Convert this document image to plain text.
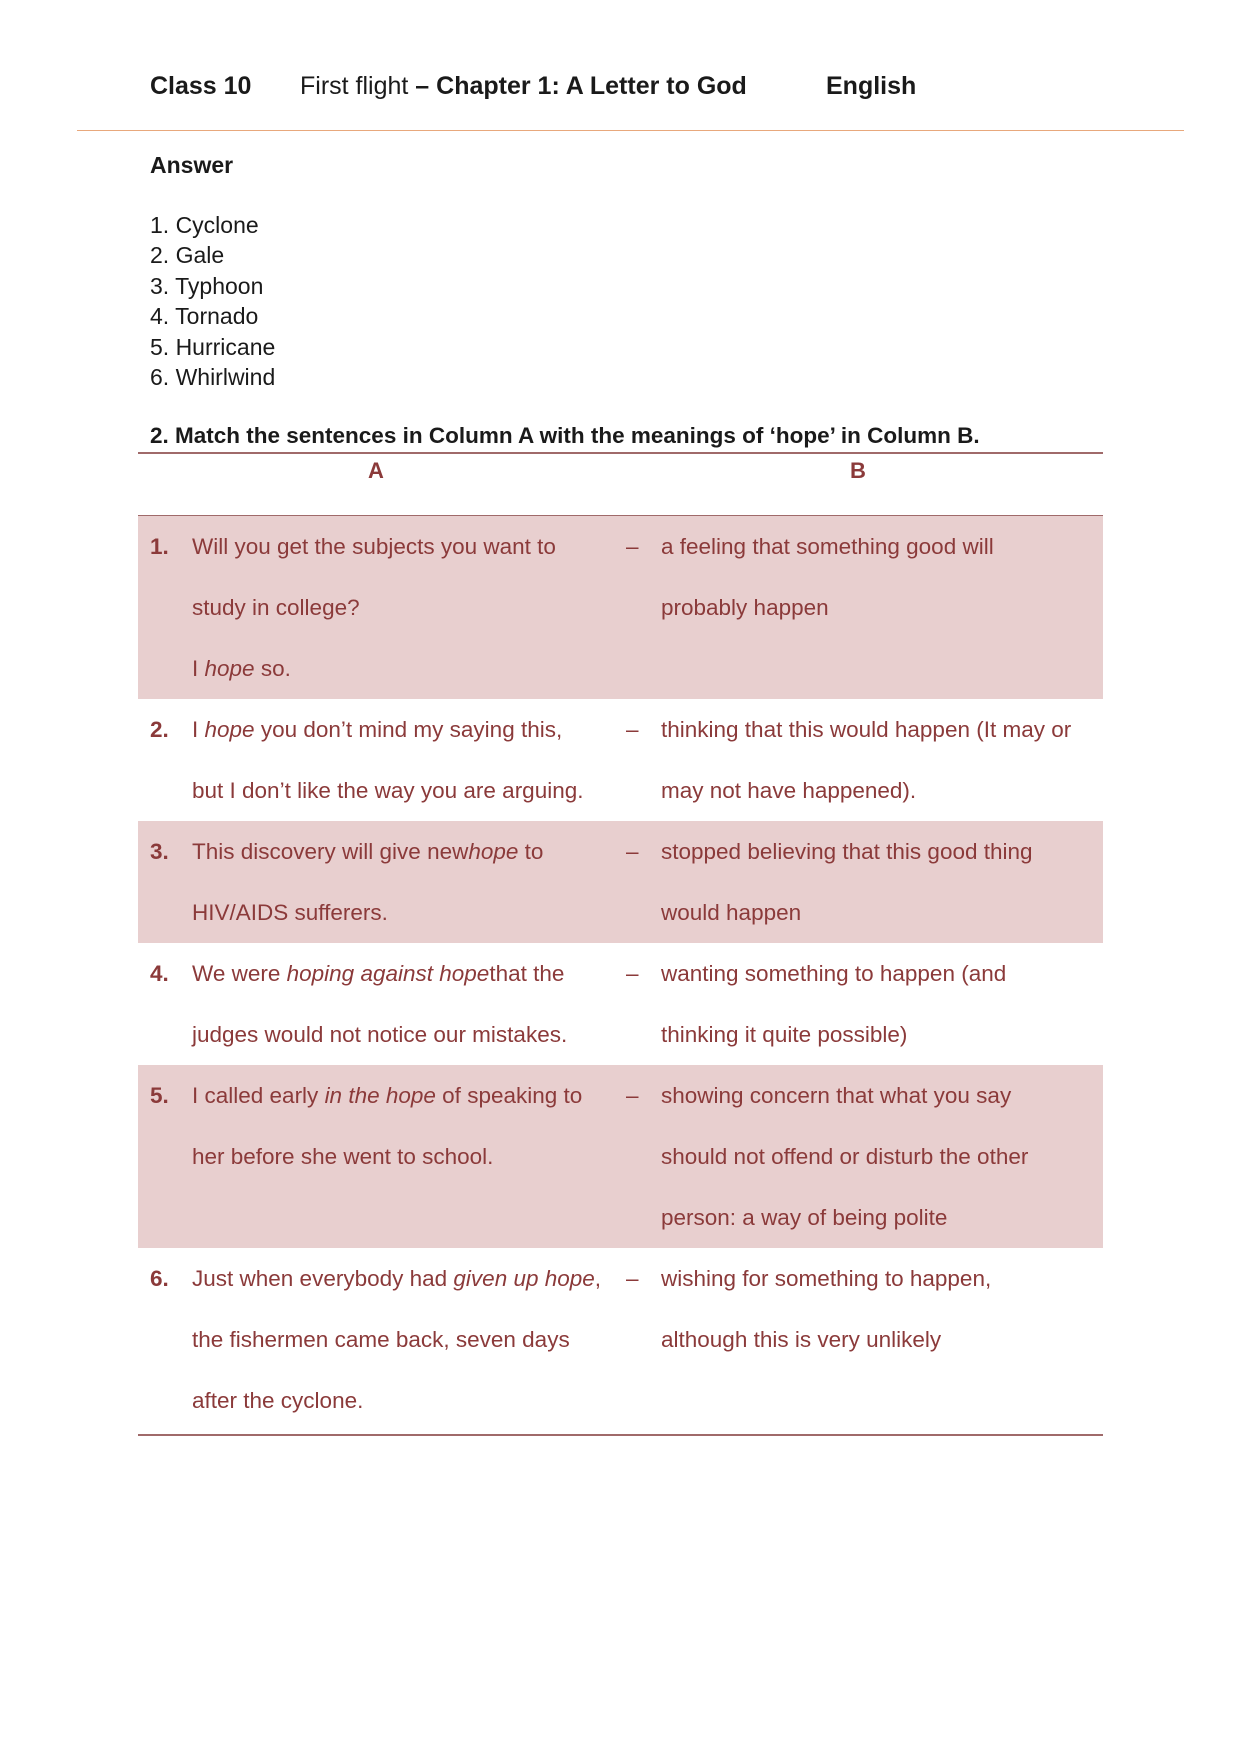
Class 10 First flight – Chapter 1: A Letter to God	English
Answer
1. Cyclone
2. Gale
3. Typhoon
4. Tornado
5. Hurricane
6. Whirlwind
2. Match the sentences in Column A with the meanings of ‘hope’ in Column B.
A	B
1. Will you get the subjects you want to
study in college?
I hope so.
– a feeling that something good will
probably happen
2. I hope you don’t mind my saying this,
but I don’t like the way you are arguing.
– thinking that this would happen (It may or
may not have happened).
3. This discovery will give newhope to
HIV/AIDS sufferers.
– stopped believing that this good thing
would happen
4. We were hoping against hopethat the
judges would not notice our mistakes.
– wanting something to happen (and
thinking it quite possible)
5. I called early in the hope of speaking to
her before she went to school.
– showing concern that what you say
should not offend or disturb the other
person: a way of being polite
6. Just when everybody had given up hope,
the fishermen came back, seven days
after the cyclone.
– wishing for something to happen,
although this is very unlikely
